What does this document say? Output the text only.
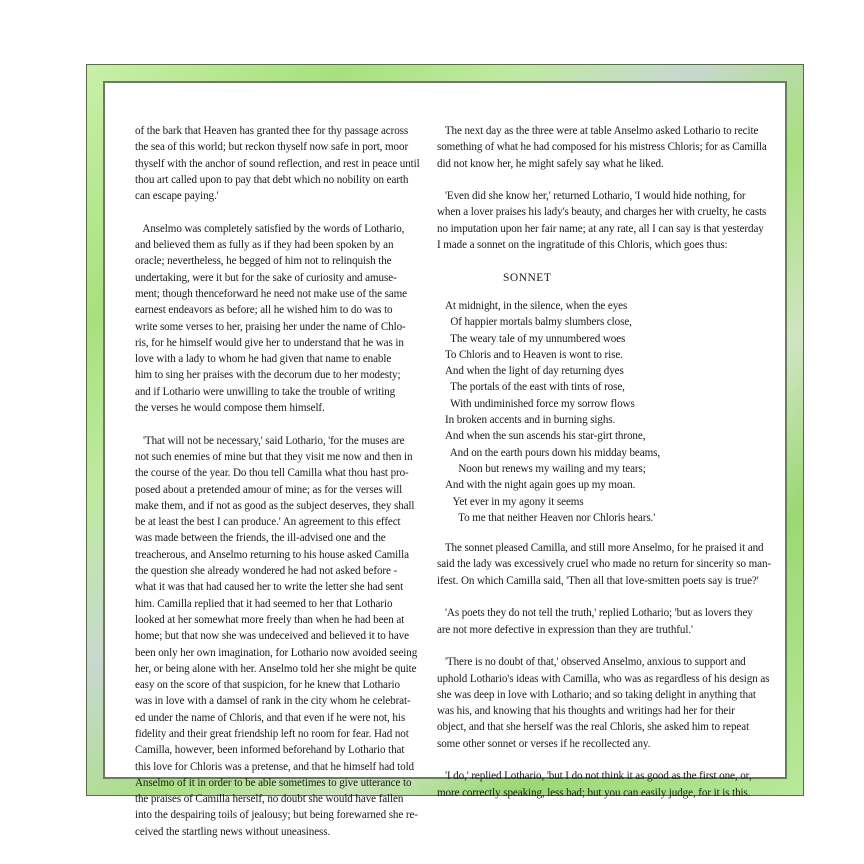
of the bark that Heaven has granted thee for thy passage across
the sea of this world; but reckon thyself now safe in port, moor
thyself with the anchor of sound reflection, and rest in peace until
thou art called upon to pay that debt which no nobility on earth
can escape paying.'

Anselmo was completely satisfied by the words of Lothario,
and believed them as fully as if they had been spoken by an
oracle; nevertheless, he begged of him not to relinquish the
undertaking, were it but for the sake of curiosity and amuse-
ment; though thenceforward he need not make use of the same
earnest endeavors as before; all he wished him to do was to
write some verses to her, praising her under the name of Chlo-
ris, for he himself would give her to understand that he was in
love with a lady to whom he had given that name to enable
him to sing her praises with the decorum due to her modesty;
and if Lothario were unwilling to take the trouble of writing
the verses he would compose them himself.

'That will not be necessary,' said Lothario, 'for the muses are
not such enemies of mine but that they visit me now and then in
the course of the year. Do thou tell Camilla what thou hast pro-
posed about a pretended amour of mine; as for the verses will
make them, and if not as good as the subject deserves, they shall
be at least the best I can produce.' An agreement to this effect
was made between the friends, the ill-advised one and the
treacherous, and Anselmo returning to his house asked Camilla
the question she already wondered he had not asked before -
what it was that had caused her to write the letter she had sent
him. Camilla replied that it had seemed to her that Lothario
looked at her somewhat more freely than when he had been at
home; but that now she was undeceived and believed it to have
been only her own imagination, for Lothario now avoided seeing
her, or being alone with her. Anselmo told her she might be quite
easy on the score of that suspicion, for he knew that Lothario
was in love with a damsel of rank in the city whom he celebrat-
ed under the name of Chloris, and that even if he were not, his
fidelity and their great friendship left no room for fear. Had not
Camilla, however, been informed beforehand by Lothario that
this love for Chloris was a pretense, and that he himself had told
Anselmo of it in order to be able sometimes to give utterance to
the praises of Camilla herself, no doubt she would have fallen
into the despairing toils of jealousy; but being forewarned she re-
ceived the startling news without uneasiness.

The next day as the three were at table Anselmo asked Lothario to recite
something of what he had composed for his mistress Chloris; for as Camilla
did not know her, he might safely say what he liked.

'Even did she know her,' returned Lothario, 'I would hide nothing, for
when a lover praises his lady's beauty, and charges her with cruelty, he casts
no imputation upon her fair name; at any rate, all I can say is that yesterday
I made a sonnet on the ingratitude of this Chloris, which goes thus:

SONNET
At midnight, in the silence, when the eyes
Of happier mortals balmy slumbers close,
The weary tale of my unnumbered woes
To Chloris and to Heaven is wont to rise.
And when the light of day returning dyes
The portals of the east with tints of rose,
With undiminished force my sorrow flows
In broken accents and in burning sighs.
And when the sun ascends his star-girt throne,
And on the earth pours down his midday beams,
Noon but renews my wailing and my tears;
And with the night again goes up my moan.
Yet ever in my agony it seems
To me that neither Heaven nor Chloris hears.'

The sonnet pleased Camilla, and still more Anselmo, for he praised it and
said the lady was excessively cruel who made no return for sincerity so man-
ifest. On which Camilla said, 'Then all that love-smitten poets say is true?'

'As poets they do not tell the truth,' replied Lothario; 'but as lovers they
are not more defective in expression than they are truthful.'

'There is no doubt of that,' observed Anselmo, anxious to support and
uphold Lothario's ideas with Camilla, who was as regardless of his design as
she was deep in love with Lothario; and so taking delight in anything that
was his, and knowing that his thoughts and writings had her for their
object, and that she herself was the real Chloris, she asked him to repeat
some other sonnet or verses if he recollected any.

'I do,' replied Lothario, 'but I do not think it as good as the first one, or,
more correctly speaking, less bad; but you can easily judge, for it is this.
